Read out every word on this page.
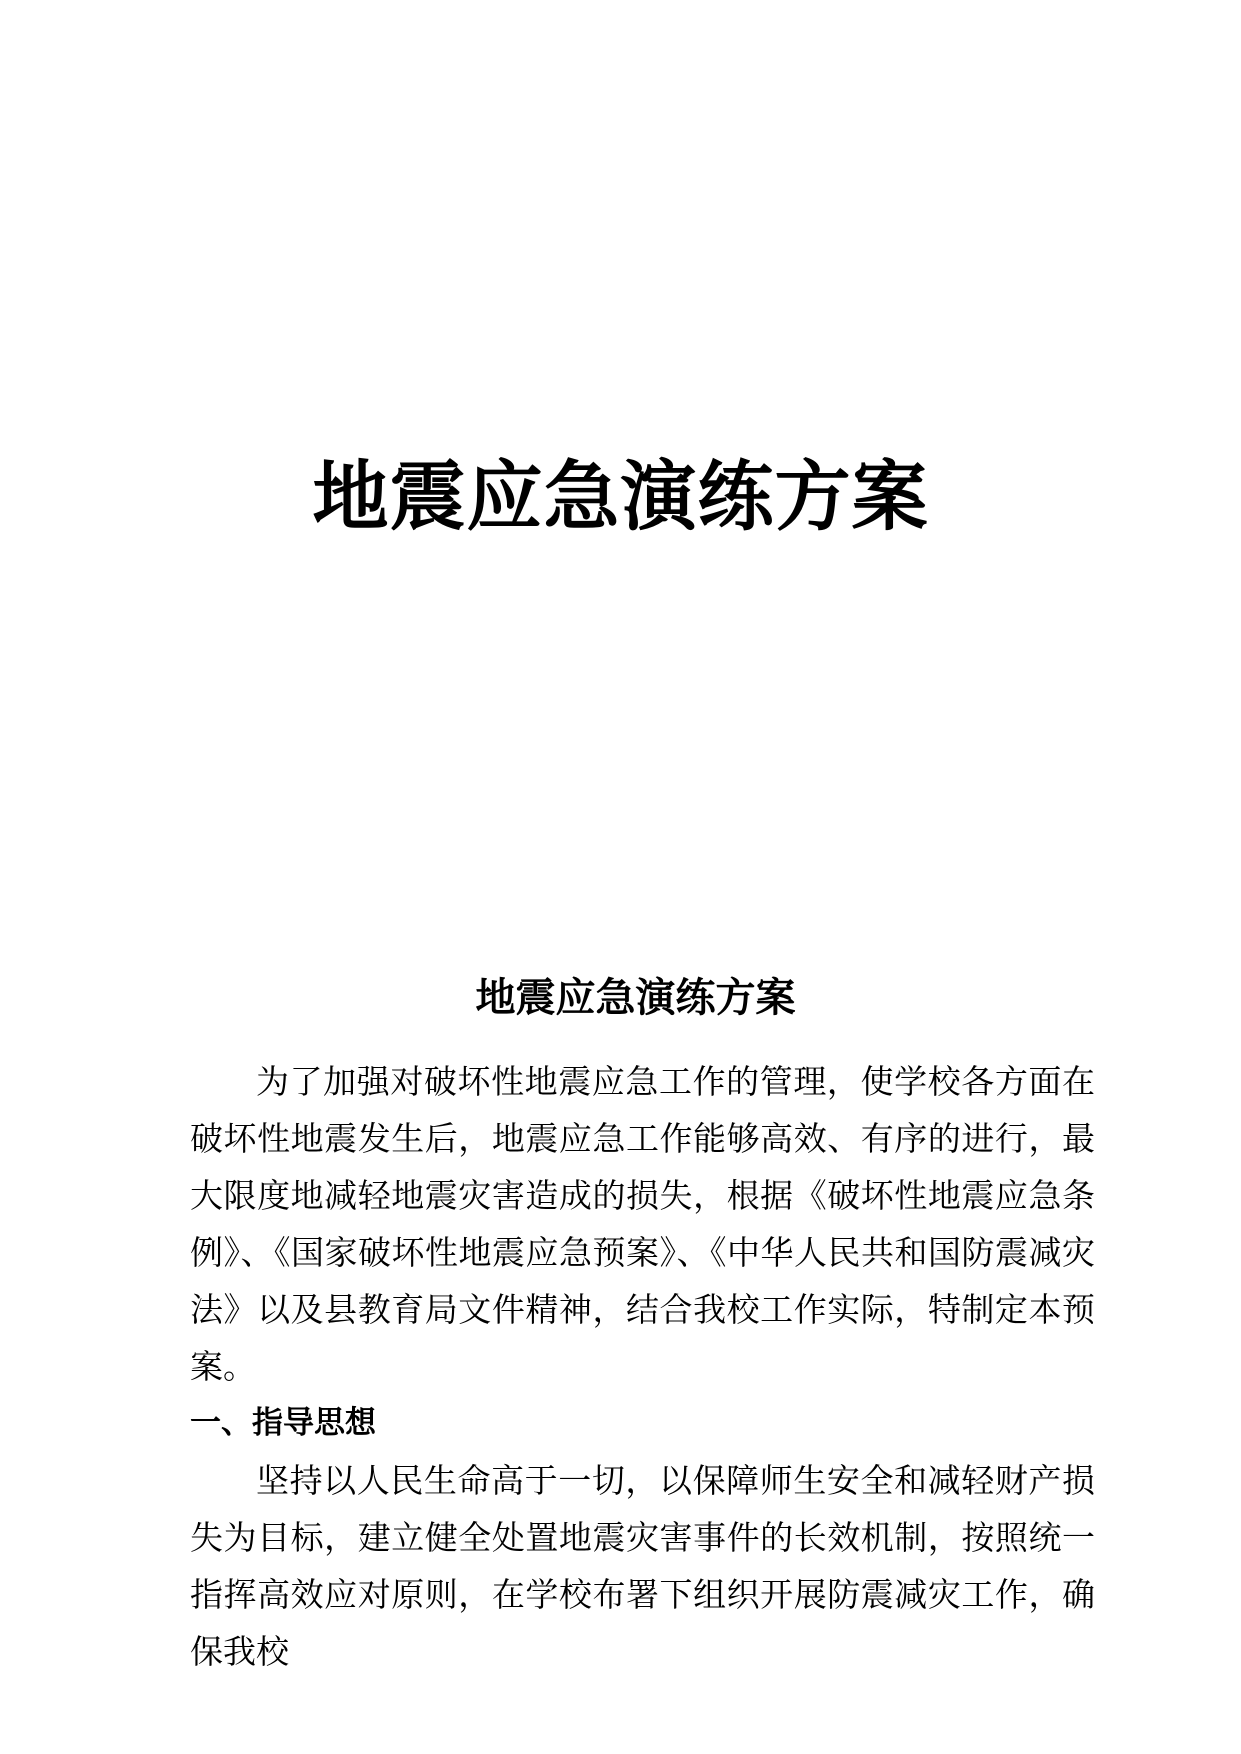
地震应急演练方案
地震应急演练方案

为了加强对破坏性地震应急工作的管理，使学校各方面在破坏性地震发生后，地震应急工作能够高效、有序的进行，最大限度地减轻地震灾害造成的损失，根据《破坏性地震应急条例》、《国家破坏性地震应急预案》、《中华人民共和国防震减灾法》以及县教育局文件精神，结合我校工作实际，特制定本预案。

一、指导思想

坚持以人民生命高于一切，以保障师生安全和减轻财产损失为目标，建立健全处置地震灾害事件的长效机制，按照统一指挥高效应对原则，在学校布署下组织开展防震减灾工作，确保我校
